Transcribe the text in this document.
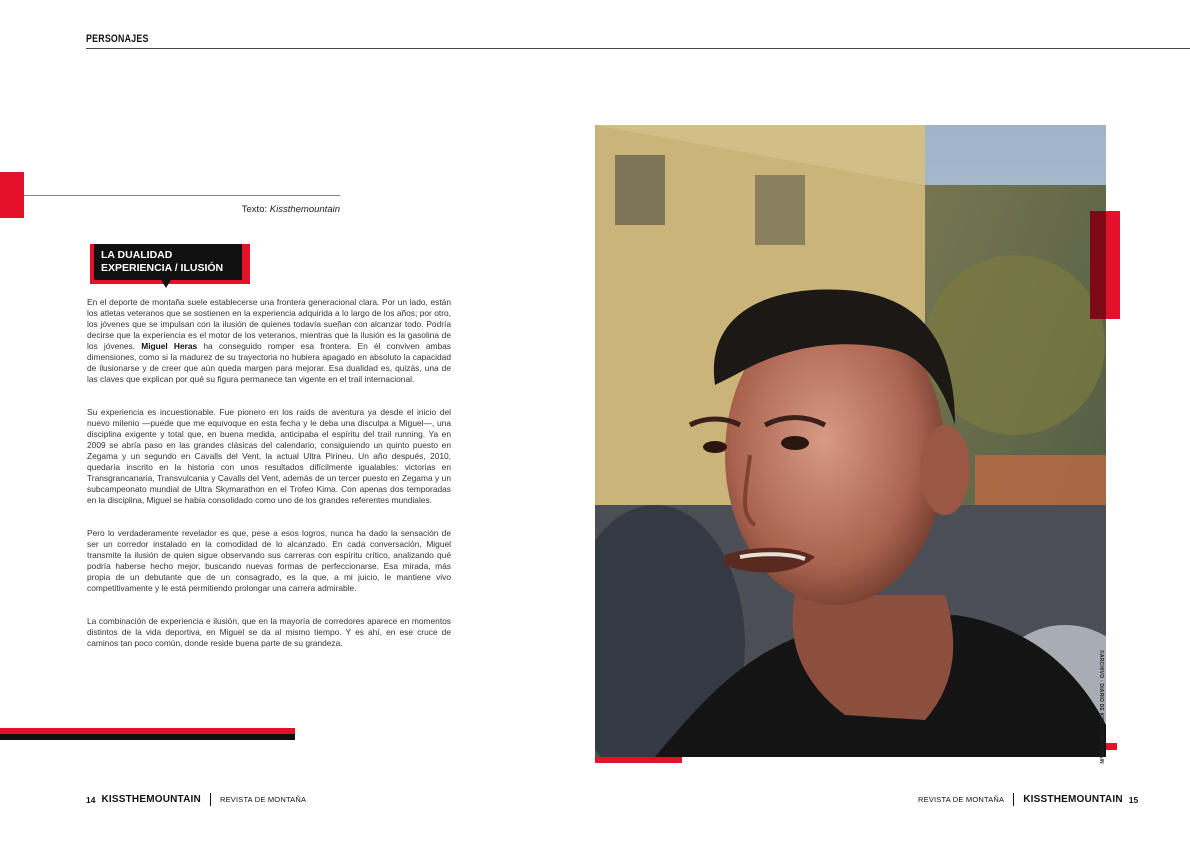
PERSONAJES
Texto: Kissthemountain
LA DUALIDAD
EXPERIENCIA / ILUSIÓN

En el deporte de montaña suele establecerse una frontera generacional clara. Por un lado, están los atletas veteranos que se sostienen en la experiencia adquirida a lo largo de los años; por otro, los jóvenes que se impulsan con la ilusión de quienes todavía sueñan con alcanzar todo. Podría decirse que la experiencia es el motor de los veteranos, mientras que la ilusión es la gasolina de los jóvenes. Miguel Heras ha conseguido romper esa frontera. En él conviven ambas dimensiones, como si la madurez de su trayectoria no hubiera apagado en absoluto la capacidad de ilusionarse y de creer que aún queda margen para mejorar. Esa dualidad es, quizás, una de las claves que explican por qué su figura permanece tan vigente en el trail internacional.

Su experiencia es incuestionable. Fue pionero en los raids de aventura ya desde el inicio del nuevo milenio —puede que me equivoque en esta fecha y le deba una disculpa a Miguel—, una disciplina exigente y total que, en buena medida, anticipaba el espíritu del trail running. Ya en 2009 se abría paso en las grandes clásicas del calendario, consiguiendo un quinto puesto en Zegama y un segundo en Cavalls del Vent, la actual Ultra Pirineu. Un año después, 2010, quedaría inscrito en la historia con unos resultados difícilmente igualables: victorias en Transgrancanaria, Transvulcania y Cavalls del Vent, además de un tercer puesto en Zegama y un subcampeonato mundial de Ultra Skymarathon en el Trofeo Kima. Con apenas dos temporadas en la disciplina, Miguel se había consolidado como uno de los grandes referentes mundiales.

Pero lo verdaderamente revelador es que, pese a esos logros, nunca ha dado la sensación de ser un corredor instalado en la comodidad de lo alcanzado. En cada conversación, Miguel transmite la ilusión de quien sigue observando sus carreras con espíritu crítico, analizando qué podría haberse hecho mejor, buscando nuevas formas de perfeccionarse. Esa mirada, más propia de un debutante que de un consagrado, es la que, a mi juicio, le mantiene vivo competitivamente y le está permitiendo prolongar una carrera admirable.

La combinación de experiencia e ilusión, que en la mayoría de corredores aparece en momentos distintos de la vida deportiva, en Miguel se da al mismo tiempo. Y es ahí, en ese cruce de caminos tan poco común, donde reside buena parte de su grandeza.

©ARCHIVO · DIARIO DE KISSTHEMOUNTAIN
14 KISSTHEMOUNTAIN	REVISTA DE MONTAÑA	REVISTA DE MONTAÑA KISSTHEMOUNTAIN 15
